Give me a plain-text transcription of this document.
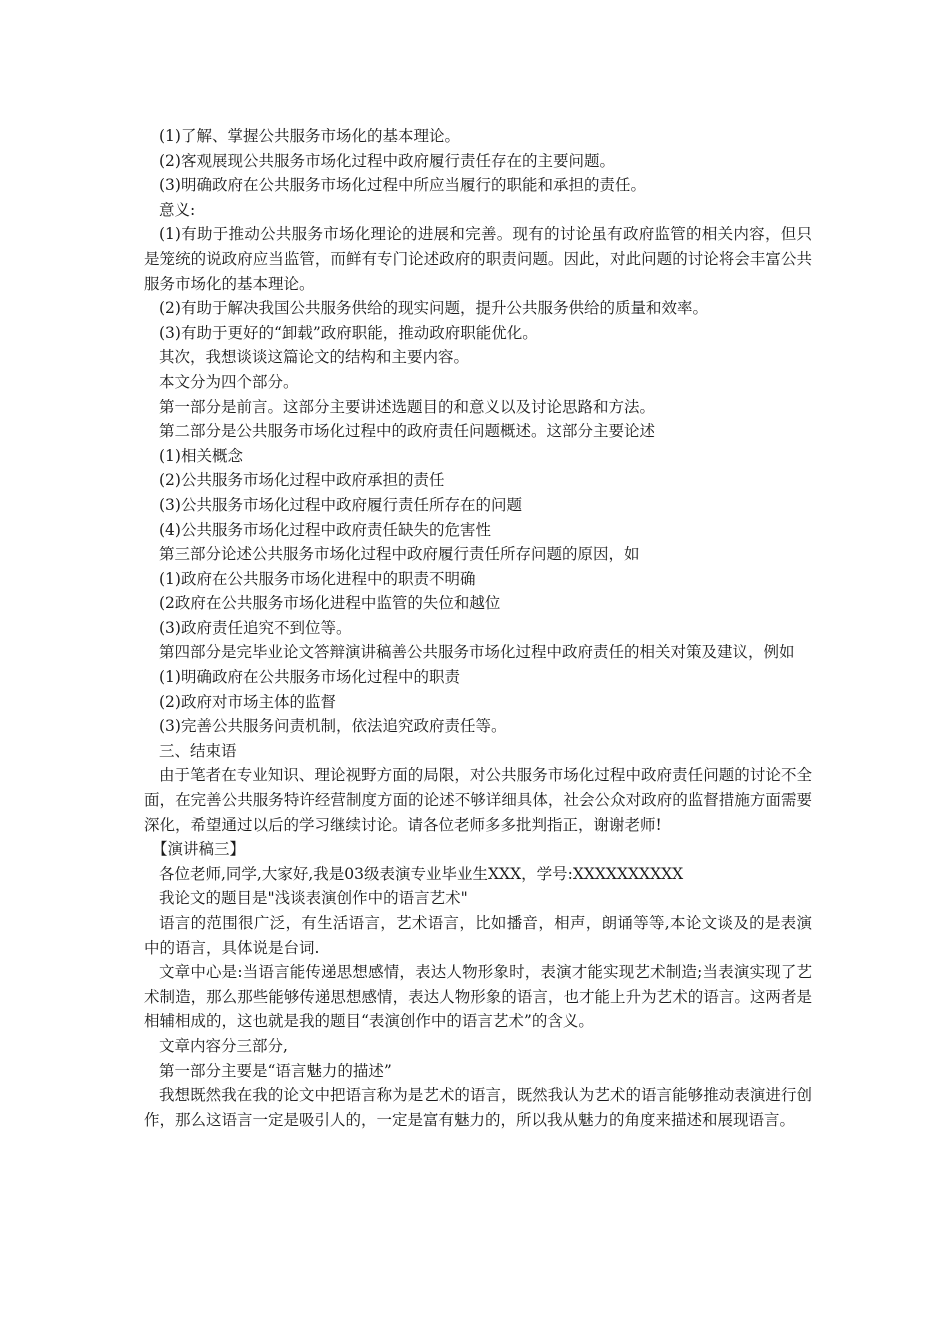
(1)了解、掌握公共服务市场化的基本理论。

(2)客观展现公共服务市场化过程中政府履行责任存在的主要问题。

(3)明确政府在公共服务市场化过程中所应当履行的职能和承担的责任。

意义:

(1)有助于推动公共服务市场化理论的进展和完善。现有的讨论虽有政府监管的相关内容，但只是笼统的说政府应当监管，而鲜有专门论述政府的职责问题。因此，对此问题的讨论将会丰富公共服务市场化的基本理论。

(2)有助于解决我国公共服务供给的现实问题，提升公共服务供给的质量和效率。

(3)有助于更好的“卸载”政府职能，推动政府职能优化。

其次，我想谈谈这篇论文的结构和主要内容。

本文分为四个部分。

第一部分是前言。这部分主要讲述选题目的和意义以及讨论思路和方法。

第二部分是公共服务市场化过程中的政府责任问题概述。这部分主要论述

(1)相关概念

(2)公共服务市场化过程中政府承担的责任

(3)公共服务市场化过程中政府履行责任所存在的问题

(4)公共服务市场化过程中政府责任缺失的危害性

第三部分论述公共服务市场化过程中政府履行责任所存问题的原因，如

(1)政府在公共服务市场化进程中的职责不明确

(2政府在公共服务市场化进程中监管的失位和越位

(3)政府责任追究不到位等。

第四部分是完毕业论文答辩演讲稿善公共服务市场化过程中政府责任的相关对策及建议，例如

(1)明确政府在公共服务市场化过程中的职责

(2)政府对市场主体的监督

(3)完善公共服务问责机制，依法追究政府责任等。

三、结束语

由于笔者在专业知识、理论视野方面的局限，对公共服务市场化过程中政府责任问题的讨论不全面，在完善公共服务特许经营制度方面的论述不够详细具体，社会公众对政府的监督措施方面需要深化，希望通过以后的学习继续讨论。请各位老师多多批判指正，谢谢老师!

【演讲稿三】

各位老师,同学,大家好,我是03级表演专业毕业生XXX，学号:XXXXXXXXXX

我论文的题目是"浅谈表演创作中的语言艺术"

语言的范围很广泛，有生活语言，艺术语言，比如播音，相声，朗诵等等,本论文谈及的是表演中的语言，具体说是台词.

文章中心是:当语言能传递思想感情，表达人物形象时，表演才能实现艺术制造;当表演实现了艺术制造，那么那些能够传递思想感情，表达人物形象的语言，也才能上升为艺术的语言。这两者是相辅相成的，这也就是我的题目“表演创作中的语言艺术”的含义。

文章内容分三部分,

第一部分主要是“语言魅力的描述”

我想既然我在我的论文中把语言称为是艺术的语言，既然我认为艺术的语言能够推动表演进行创作，那么这语言一定是吸引人的，一定是富有魅力的，所以我从魅力的角度来描述和展现语言。
